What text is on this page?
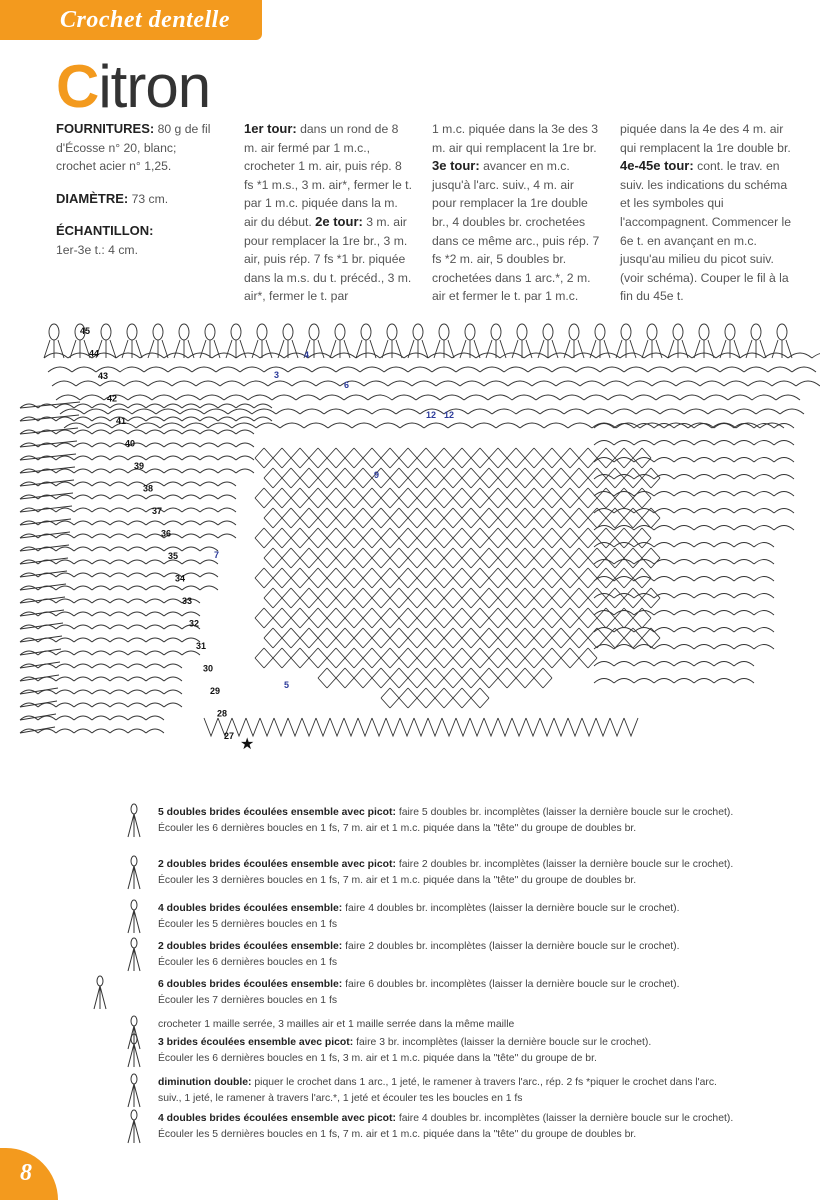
Crochet dentelle
Citron
FOURNITURES: 80 g de fil d'Écosse n° 20, blanc; crochet acier n° 1,25.
DIAMÈTRE: 73 cm.
ÉCHANTILLON:
1er-3e t.: 4 cm.
1er tour: dans un rond de 8 m. air fermé par 1 m.c., crocheter 1 m. air, puis rép. 8 fs *1 m.s., 3 m. air*, fermer le t. par 1 m.c. piquée dans la m. air du début. 2e tour: 3 m. air pour remplacer la 1re br., 3 m. air, puis rép. 7 fs *1 br. piquée dans la m.s. du t. précéd., 3 m. air*, fermer le t. par
1 m.c. piquée dans la 3e des 3 m. air qui remplacent la 1re br. 3e tour: avancer en m.c. jusqu'à l'arc. suiv., 4 m. air pour remplacer la 1re double br., 4 doubles br. crochetées dans ce même arc., puis rép. 7 fs *2 m. air, 5 doubles br. crochetées dans 1 arc.*, 2 m. air et fermer le t. par 1 m.c.
piquée dans la 4e des 4 m. air qui remplacent la 1re double br. 4e-45e tour: cont. le trav. en suiv. les indications du schéma et les symboles qui l'accompagnent. Commencer le 6e t. en avançant en m.c. jusqu'au milieu du picot suiv. (voir schéma). Couper le fil à la fin du 45e t.
45
44
43
42
41
40
39
38
37
36
35
34
33
32
31
30
29
28
27
12 12
9
7
5
4
3
6
★
5 doubles brides écoulées ensemble avec picot: faire 5 doubles br. incomplètes (laisser la dernière boucle sur le crochet).
Écouler les 6 dernières boucles en 1 fs, 7 m. air et 1 m.c. piquée dans la "tête" du groupe de doubles br.
2 doubles brides écoulées ensemble avec picot: faire 2 doubles br. incomplètes (laisser la dernière boucle sur le crochet).
Écouler les 3 dernières boucles en 1 fs, 7 m. air et 1 m.c. piquée dans la "tête" du groupe de doubles br.
4 doubles brides écoulées ensemble: faire 4 doubles br. incomplètes (laisser la dernière boucle sur le crochet).
Écouler les 5 dernières boucles en 1 fs
2 doubles brides écoulées ensemble: faire 2 doubles br. incomplètes (laisser la dernière boucle sur le crochet).
Écouler les 6 dernières boucles en 1 fs
6 doubles brides écoulées ensemble: faire 6 doubles br. incomplètes (laisser la dernière boucle sur le crochet).
Écouler les 7 dernières boucles en 1 fs
crocheter 1 maille serrée, 3 mailles air et 1 maille serrée dans la même maille
3 brides écoulées ensemble avec picot: faire 3 br. incomplètes (laisser la dernière boucle sur le crochet).
Écouler les 6 dernières boucles en 1 fs, 3 m. air et 1 m.c. piquée dans la "tête" du groupe de br.
diminution double: piquer le crochet dans 1 arc., 1 jeté, le ramener à travers l'arc., rép. 2 fs *piquer le crochet dans l'arc.
suiv., 1 jeté, le ramener à travers l'arc.*, 1 jeté et écouler tes les boucles en 1 fs
4 doubles brides écoulées ensemble avec picot: faire 4 doubles br. incomplètes (laisser la dernière boucle sur le crochet).
Écouler les 5 dernières boucles en 1 fs, 7 m. air et 1 m.c. piquée dans la "tête" du groupe de doubles br.
8
